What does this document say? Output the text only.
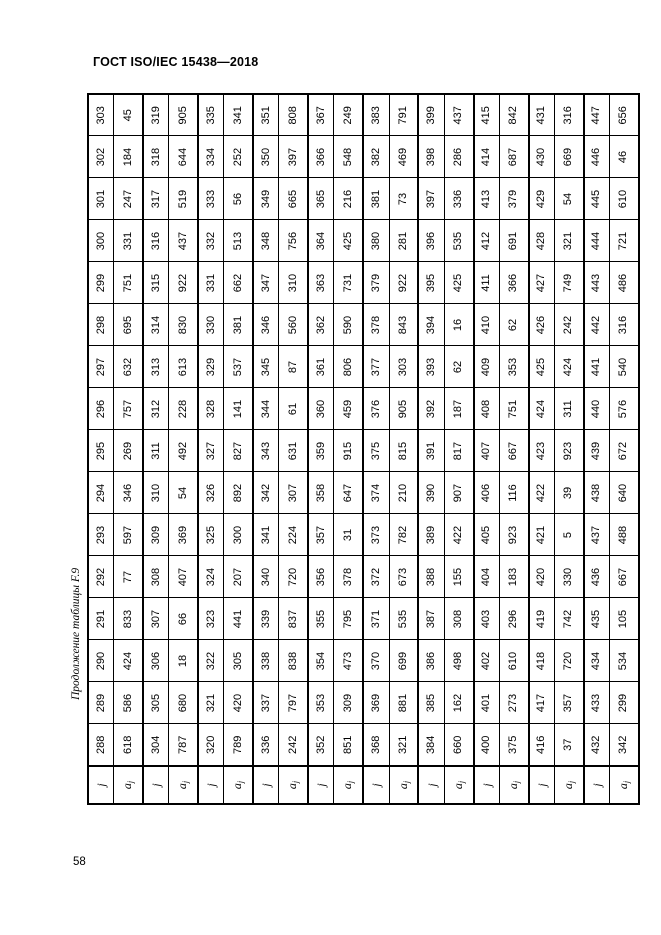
ГОСТ ISO/IEC 15438—2018
Продолжение таблицы F.9
j	288	289	290	291	292	293	294	295	296	297	298	299	300	301	302	303
$a_j$	618	586	424	833	77	597	346	269	757	632	695	751	331	247	184	45
j	304	305	306	307	308	309	310	311	312	313	314	315	316	317	318	319
$a_j$	787	680	18	66	407	369	54	492	228	613	830	922	437	519	644	905
j	320	321	322	323	324	325	326	327	328	329	330	331	332	333	334	335
$a_j$	789	420	305	441	207	300	892	827	141	537	381	662	513	56	252	341
j	336	337	338	339	340	341	342	343	344	345	346	347	348	349	350	351
$a_j$	242	797	838	837	720	224	307	631	61	87	560	310	756	665	397	808
j	352	353	354	355	356	357	358	359	360	361	362	363	364	365	366	367
$a_j$	851	309	473	795	378	31	647	915	459	806	590	731	425	216	548	249
j	368	369	370	371	372	373	374	375	376	377	378	379	380	381	382	383
$a_j$	321	881	699	535	673	782	210	815	905	303	843	922	281	73	469	791
j	384	385	386	387	388	389	390	391	392	393	394	395	396	397	398	399
$a_j$	660	162	498	308	155	422	907	817	187	62	16	425	535	336	286	437
j	400	401	402	403	404	405	406	407	408	409	410	411	412	413	414	415
$a_j$	375	273	610	296	183	923	116	667	751	353	62	366	691	379	687	842
j	416	417	418	419	420	421	422	423	424	425	426	427	428	429	430	431
$a_j$	37	357	720	742	330	5	39	923	311	424	242	749	321	54	669	316
j	432	433	434	435	436	437	438	439	440	441	442	443	444	445	446	447
$a_j$	342	299	534	105	667	488	640	672	576	540	316	486	721	610	46	656
58
